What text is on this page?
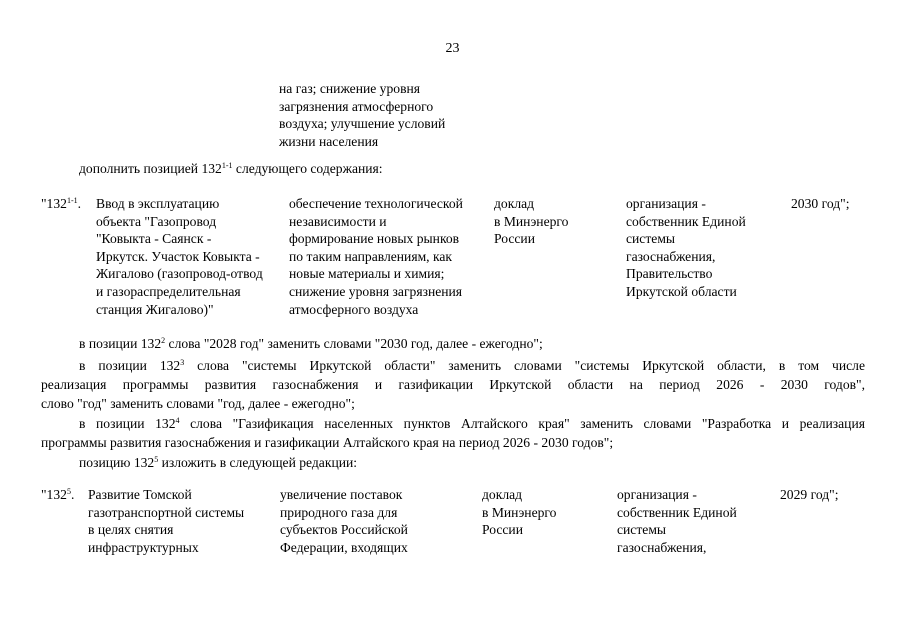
23
на газ; снижение уровня
загрязнения атмосферного
воздуха; улучшение условий
жизни населения
дополнить позицией 132$^{1-1}$ следующего содержания:
"132$^{1-1}$. Ввод в эксплуатацию
объекта "Газопровод
"Ковыкта - Саянск -
Иркутск. Участок Ковыкта -
Жигалово (газопровод-отвод
и газораспределительная
станция Жигалово)"
обеспечение технологической
независимости и
формирование новых рынков
по таким направлениям, как
новые материалы и химия;
снижение уровня загрязнения
атмосферного воздуха
доклад
в Минэнерго
России
организация -
собственник Единой
системы
газоснабжения,
Правительство
Иркутской области
2030 год";
в позиции $132^2$ слова "2028 год" заменить словами "2030 год, далее - ежегодно";
в позиции $132^3$ слова "системы Иркутской области" заменить словами "системы Иркутской области, в том числе
реализация программы развития газоснабжения и газификации Иркутской области на период 2026 - 2030 годов",
слово "год" заменить словами "год, далее - ежегодно";
в позиции $132^4$ слова "Газификация населенных пунктов Алтайского края" заменить словами "Разработка и реализация
программы развития газоснабжения и газификации Алтайского края на период 2026 - 2030 годов";
позицию $132^5$ изложить в следующей редакции:
"$132^5$. Развитие Томской
газотранспортной системы
в целях снятия
инфраструктурных
увеличение поставок
природного газа для
субъектов Российской
Федерации, входящих
доклад
в Минэнерго
России
организация -
собственник Единой
системы
газоснабжения,
2029 год";
